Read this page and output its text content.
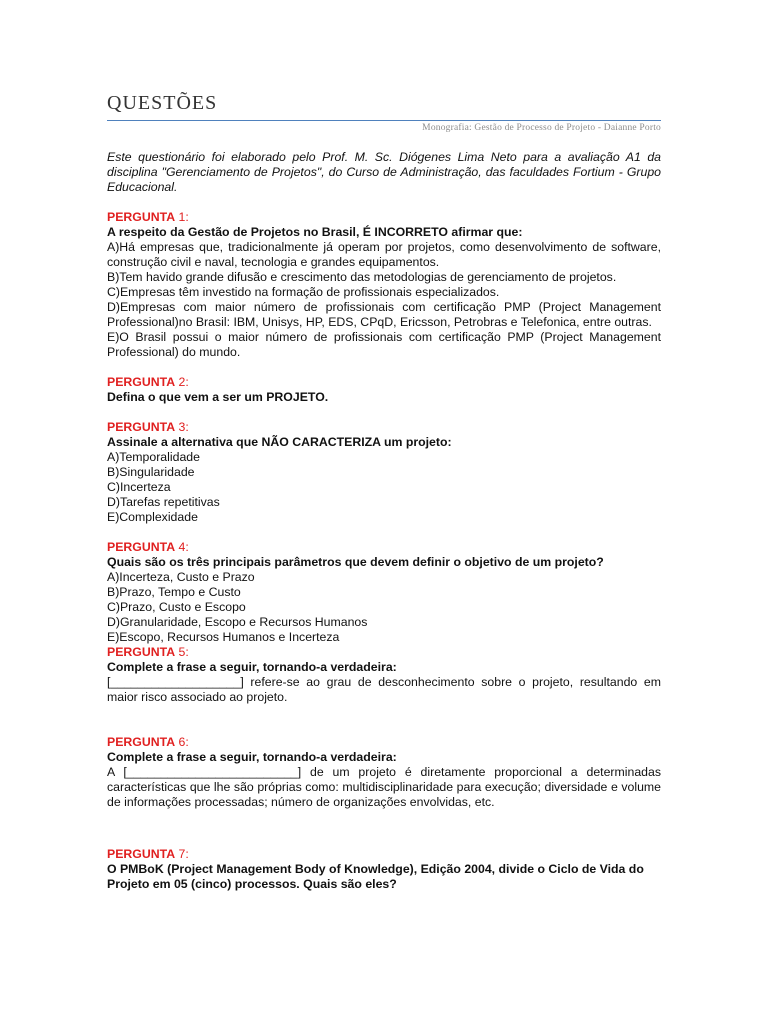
QUESTÕES
Monografia: Gestão de Processo de Projeto - Daianne Porto

Este questionário foi elaborado pelo Prof. M. Sc. Diógenes Lima Neto para a avaliação A1 da disciplina "Gerenciamento de Projetos", do Curso de Administração, das faculdades Fortium - Grupo Educacional.

PERGUNTA 1:

A respeito da Gestão de Projetos no Brasil, É INCORRETO afirmar que:

A)Há empresas que, tradicionalmente já operam por projetos, como desenvolvimento de software, construção civil e naval, tecnologia e grandes equipamentos.

B)Tem havido grande difusão e crescimento das metodologias de gerenciamento de projetos.

C)Empresas têm investido na formação de profissionais especializados.

D)Empresas com maior número de profissionais com certificação PMP (Project Management Professional)no Brasil: IBM, Unisys, HP, EDS, CPqD, Ericsson, Petrobras e Telefonica, entre outras.

E)O Brasil possui o maior número de profissionais com certificação PMP (Project Management Professional) do mundo.

PERGUNTA 2:

Defina o que vem a ser um PROJETO.

PERGUNTA 3:

Assinale a alternativa que NÃO CARACTERIZA um projeto:

A)Temporalidade

B)Singularidade

C)Incerteza

D)Tarefas repetitivas

E)Complexidade

PERGUNTA 4:

Quais são os três principais parâmetros que devem definir o objetivo de um projeto?

A)Incerteza, Custo e Prazo

B)Prazo, Tempo e Custo

C)Prazo, Custo e Escopo

D)Granularidade, Escopo e Recursos Humanos

E)Escopo, Recursos Humanos e Incerteza

PERGUNTA 5:

Complete a frase a seguir, tornando-a verdadeira:

[___________________] refere-se ao grau de desconhecimento sobre o projeto, resultando em maior risco associado ao projeto.

PERGUNTA 6:

Complete a frase a seguir, tornando-a verdadeira:

A [_________________________] de um projeto é diretamente proporcional a determinadas características que lhe são próprias como: multidisciplinaridade para execução; diversidade e volume de informações processadas; número de organizações envolvidas, etc.

PERGUNTA 7:

O PMBoK (Project Management Body of Knowledge), Edição 2004, divide o Ciclo de Vida do Projeto em 05 (cinco) processos. Quais são eles?
